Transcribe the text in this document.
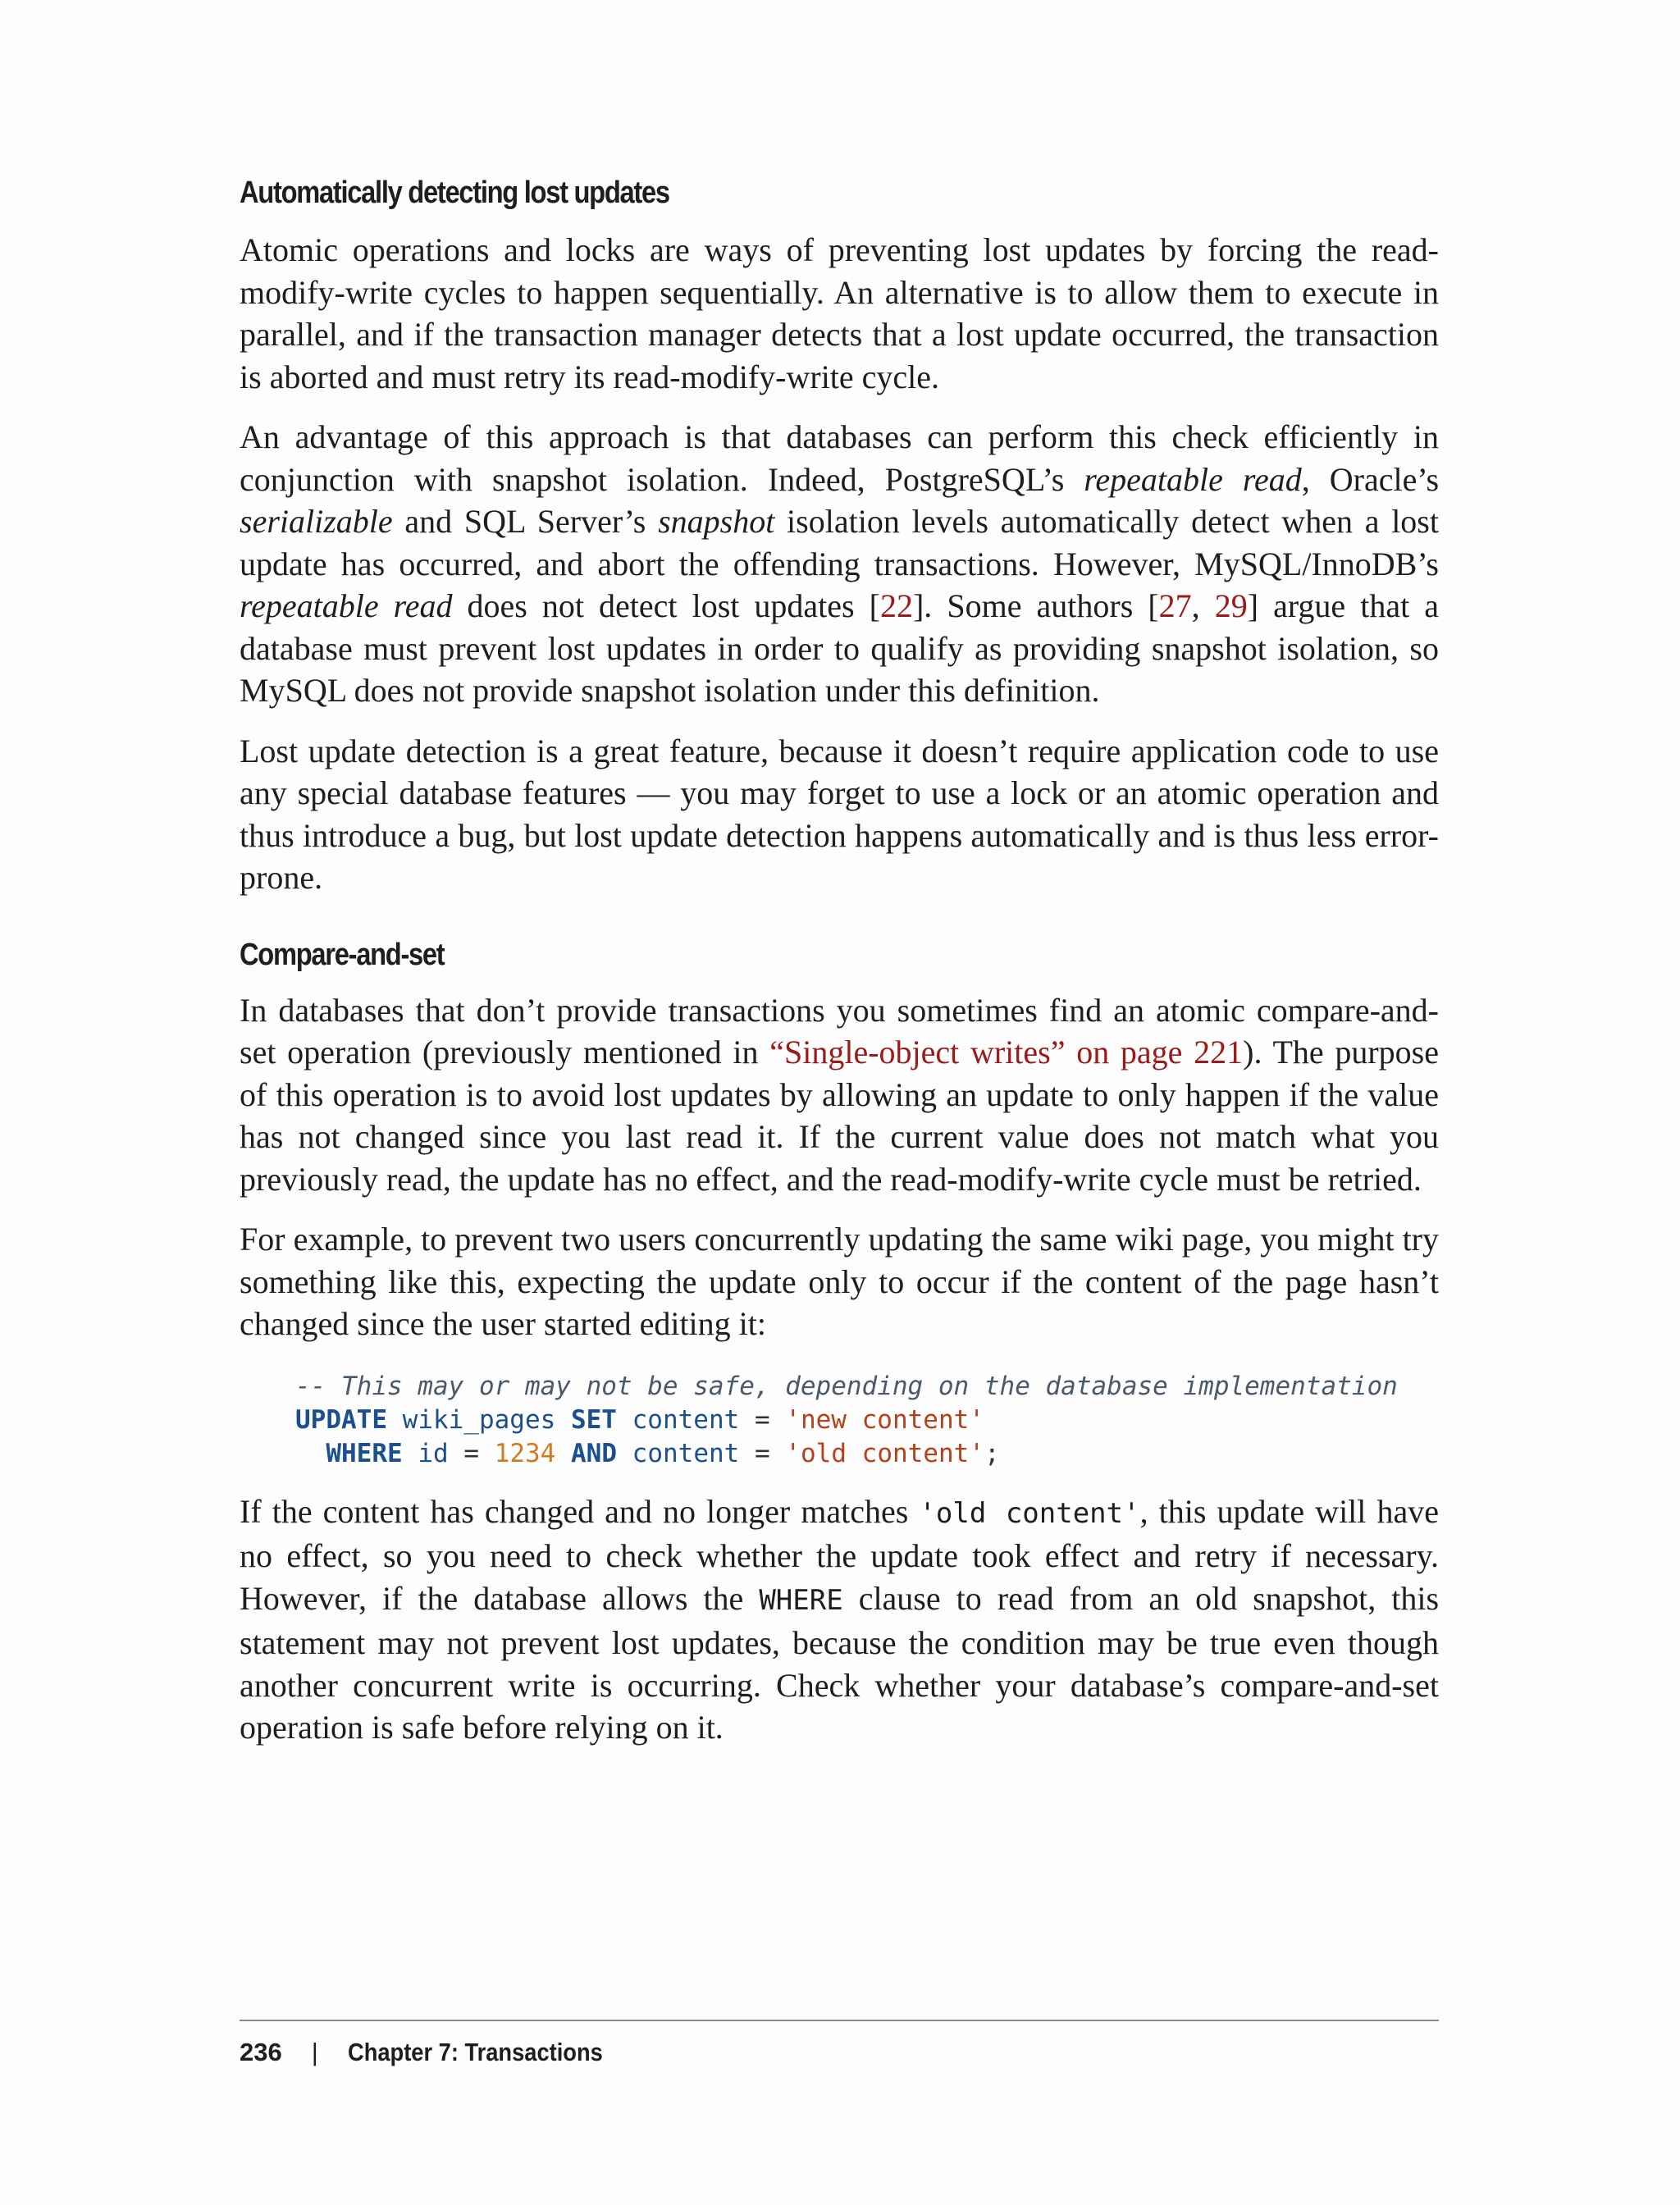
Automatically detecting lost updates

Atomic operations and locks are ways of preventing lost updates by forcing the read-modify-write cycles to happen sequentially. An alternative is to allow them to execute in parallel, and if the transaction manager detects that a lost update occurred, the transaction is aborted and must retry its read-modify-write cycle.

An advantage of this approach is that databases can perform this check efficiently in conjunction with snapshot isolation. Indeed, PostgreSQL’s repeatable read, Oracle’s serializable and SQL Server’s snapshot isolation levels automatically detect when a lost update has occurred, and abort the offending transactions. However, MySQL/InnoDB’s repeatable read does not detect lost updates [22]. Some authors [27, 29] argue that a database must prevent lost updates in order to qualify as providing snapshot isolation, so MySQL does not provide snapshot isolation under this definition.

Lost update detection is a great feature, because it doesn’t require application code to use any special database features — you may forget to use a lock or an atomic operation and thus introduce a bug, but lost update detection happens automatically and is thus less error-prone.

Compare-and-set

In databases that don’t provide transactions you sometimes find an atomic compare-and-set operation (previously mentioned in “Single-object writes” on page 221). The purpose of this operation is to avoid lost updates by allowing an update to only happen if the value has not changed since you last read it. If the current value does not match what you previously read, the update has no effect, and the read-modify-write cycle must be retried.

For example, to prevent two users concurrently updating the same wiki page, you might try something like this, expecting the update only to occur if the content of the page hasn’t changed since the user started editing it:

-- This may or may not be safe, depending on the database implementation
UPDATE wiki_pages SET content = 'new content'
WHERE id = 1234 AND content = 'old content';

If the content has changed and no longer matches 'old content', this update will have no effect, so you need to check whether the update took effect and retry if necessary. However, if the database allows the WHERE clause to read from an old snapshot, this statement may not prevent lost updates, because the condition may be true even though another concurrent write is occurring. Check whether your database’s compare-and-set operation is safe before relying on it.

236 | Chapter 7: Transactions
